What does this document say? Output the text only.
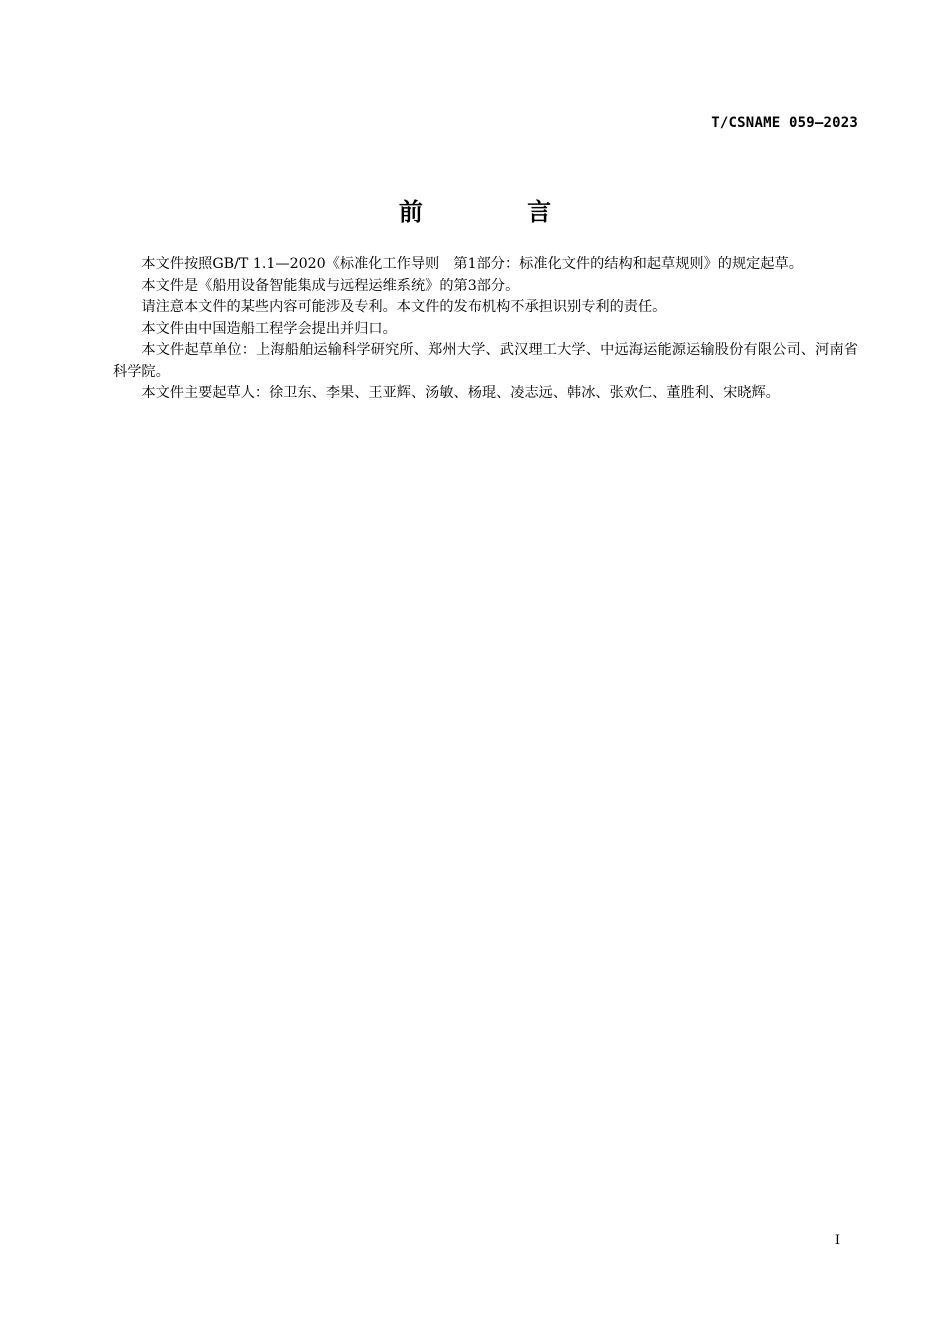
T/CSNAME 059—2023
前 言

本文件按照GB/T 1.1—2020《标准化工作导则　第1部分：标准化文件的结构和起草规则》的规定起草。

本文件是《船用设备智能集成与远程运维系统》的第3部分。

请注意本文件的某些内容可能涉及专利。本文件的发布机构不承担识别专利的责任。

本文件由中国造船工程学会提出并归口。

本文件起草单位：上海船舶运输科学研究所、郑州大学、武汉理工大学、中远海运能源运输股份有限公司、河南省科学院。

本文件主要起草人：徐卫东、李果、王亚辉、汤敏、杨琨、凌志远、韩冰、张欢仁、董胜利、宋晓辉。

I
